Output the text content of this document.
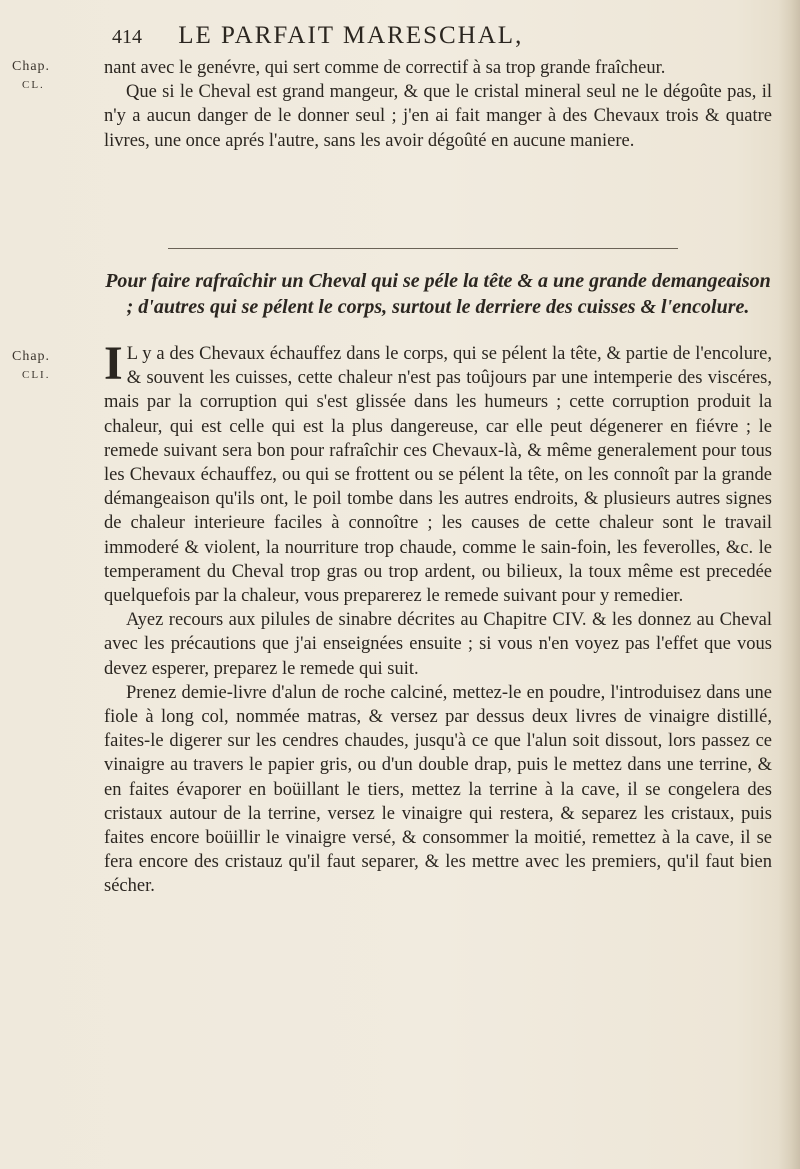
414 LE PARFAIT MARESCHAL,
Chap.
CL.

nant avec le genévre, qui sert comme de correctif à sa trop grande fraîcheur.

Que si le Cheval est grand mangeur, & que le cristal mineral seul ne le dégoûte pas, il n'y a aucun danger de le donner seul ; j'en ai fait manger à des Chevaux trois & quatre livres, une once aprés l'autre, sans les avoir dégoûté en aucune maniere.

Pour faire rafraîchir un Cheval qui se péle la tête & a une grande demangeaison ; d'autres qui se pélent le corps, surtout le derriere des cuisses & l'encolure.
Chap.
CLI. I L y a des Chevaux échauffez dans le corps, qui se pélent la tête, & partie de l'encolure, & souvent les cuisses, cette chaleur n'est pas toûjours par une intemperie des viscéres, mais par la corruption qui s'est glissée dans les humeurs ; cette corruption produit la chaleur, qui est celle qui est la plus dangereuse, car elle peut dégenerer en fiévre ; le remede suivant sera bon pour rafraîchir ces Chevaux-là, & même generalement pour tous les Chevaux échauffez, ou qui se frottent ou se pélent la tête, on les connoît par la grande démangeaison qu'ils ont, le poil tombe dans les autres endroits, & plusieurs autres signes de chaleur interieure faciles à connoître ; les causes de cette chaleur sont le travail immoderé & violent, la nourriture trop chaude, comme le sain-foin, les feverolles, &c. le temperament du Cheval trop gras ou trop ardent, ou bilieux, la toux même est precedée quelquefois par la chaleur, vous preparerez le remede suivant pour y remedier.

Ayez recours aux pilules de sinabre décrites au Chapitre CIV. & les donnez au Cheval avec les précautions que j'ai enseignées ensuite ; si vous n'en voyez pas l'effet que vous devez esperer, preparez le remede qui suit.

Prenez demie-livre d'alun de roche calciné, mettez-le en poudre, l'introduisez dans une fiole à long col, nommée matras, & versez par dessus deux livres de vinaigre distillé, faites-le digerer sur les cendres chaudes, jusqu'à ce que l'alun soit dissout, lors passez ce vinaigre au travers le papier gris, ou d'un double drap, puis le mettez dans une terrine, & en faites évaporer en boüillant le tiers, mettez la terrine à la cave, il se congelera des cristaux autour de la terrine, versez le vinaigre qui restera, & separez les cristaux, puis faites encore boüillir le vinaigre versé, & consommer la moitié, remettez à la cave, il se fera encore des cristauz qu'il faut separer, & les mettre avec les premiers, qu'il faut bien sécher.
